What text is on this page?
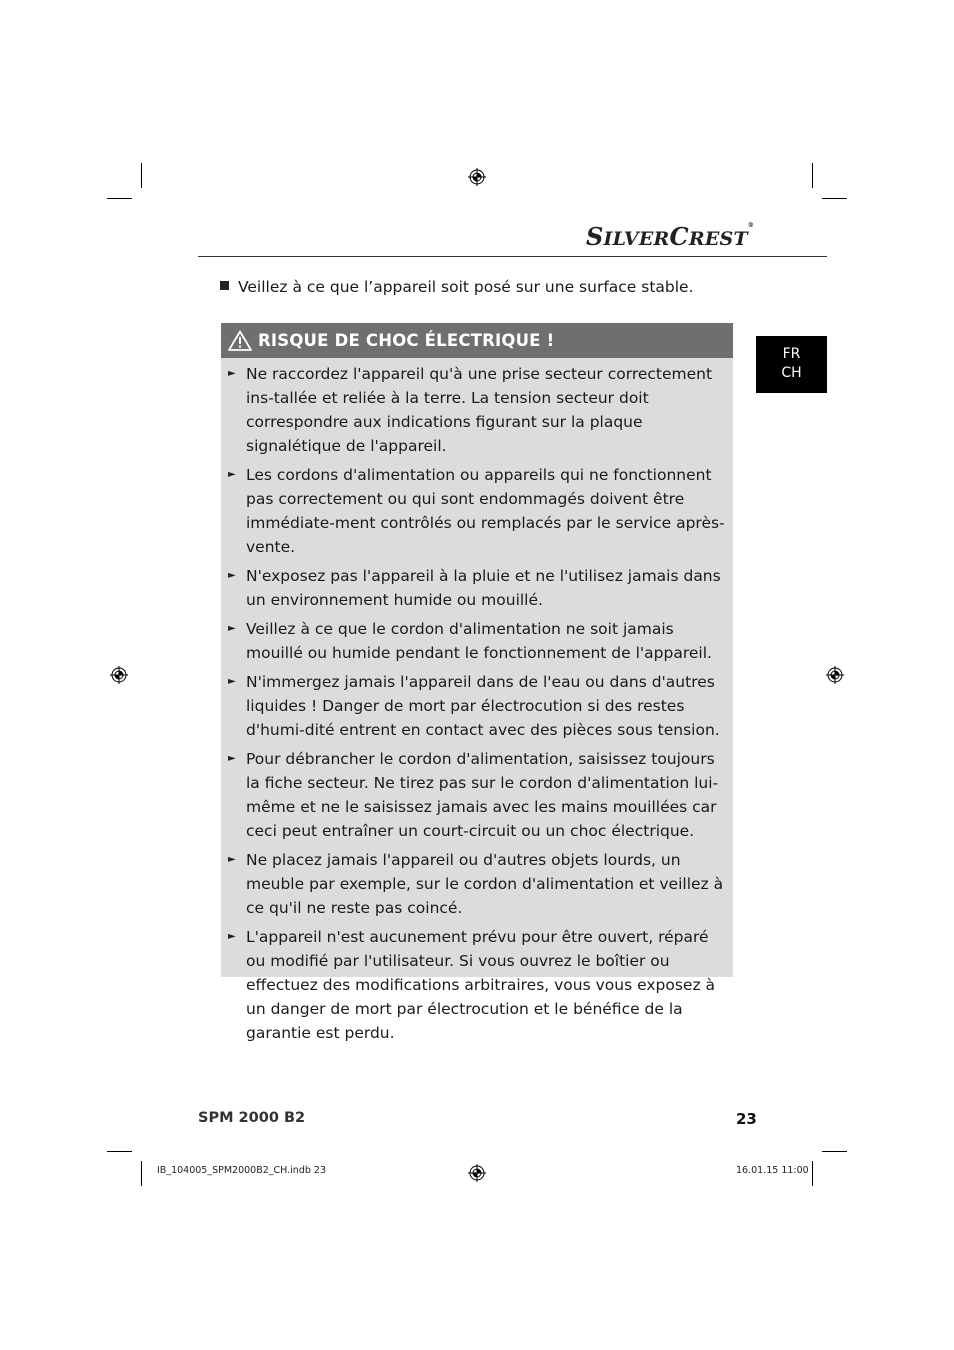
SILVERCREST®
Veillez à ce que l’appareil soit posé sur une surface stable.
FR
CH
RISQUE DE CHOC ÉLECTRIQUE !
► Ne raccordez l'appareil qu'à une prise secteur correctement ins-tallée et reliée à la terre. La tension secteur doit correspondre aux indications figurant sur la plaque signalétique de l'appareil.
► Les cordons d'alimentation ou appareils qui ne fonctionnent pas correctement ou qui sont endommagés doivent être immédiate-ment contrôlés ou remplacés par le service après-vente.
► N'exposez pas l'appareil à la pluie et ne l'utilisez jamais dans un environnement humide ou mouillé.
► Veillez à ce que le cordon d'alimentation ne soit jamais mouillé ou humide pendant le fonctionnement de l'appareil.
► N'immergez jamais l'appareil dans de l'eau ou dans d'autres liquides ! Danger de mort par électrocution si des restes d'humi-dité entrent en contact avec des pièces sous tension.
► Pour débrancher le cordon d'alimentation, saisissez toujours la fiche secteur. Ne tirez pas sur le cordon d'alimentation lui-même et ne le saisissez jamais avec les mains mouillées car ceci peut entraîner un court-circuit ou un choc électrique.
► Ne placez jamais l'appareil ou d'autres objets lourds, un meuble par exemple, sur le cordon d'alimentation et veillez à ce qu'il ne reste pas coincé.
► L'appareil n'est aucunement prévu pour être ouvert, réparé ou modifié par l'utilisateur. Si vous ouvrez le boîtier ou effectuez des modifications arbitraires, vous vous exposez à un danger de mort par électrocution et le bénéfice de la garantie est perdu.
SPM 2000 B2	23
IB_104005_SPM2000B2_CH.indb 23	16.01.15 11:00
